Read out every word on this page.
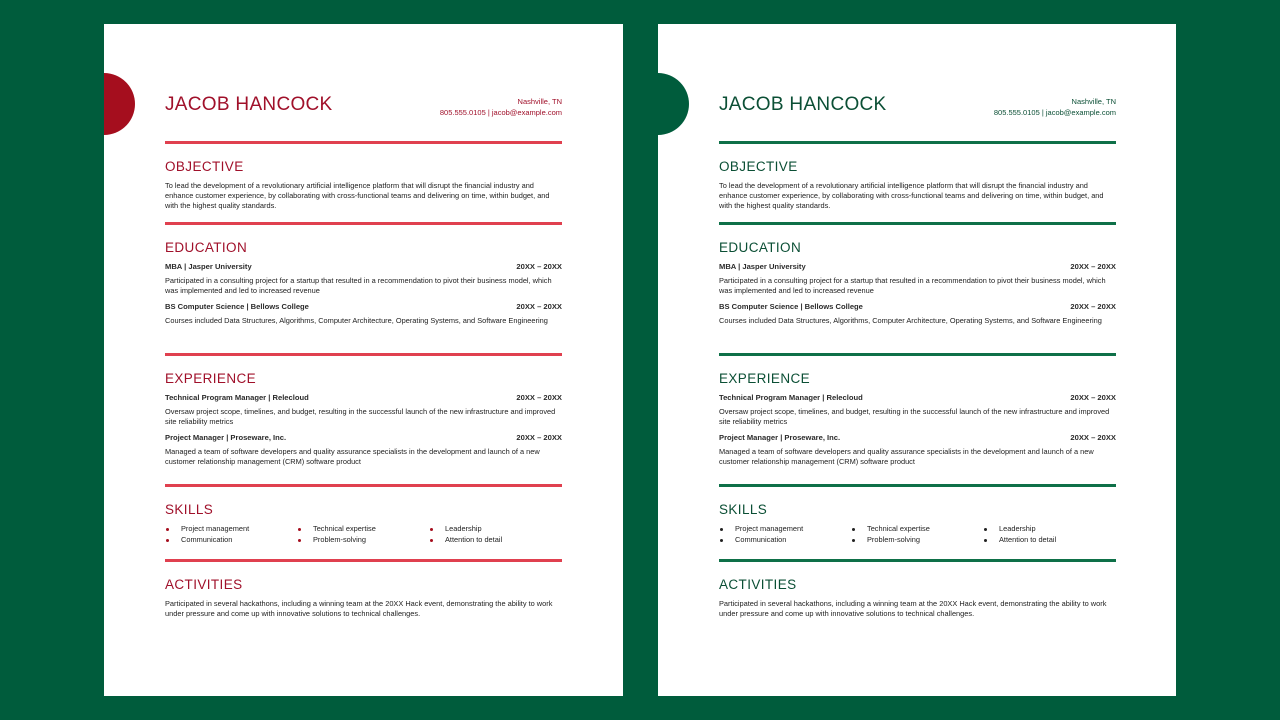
JACOB HANCOCK	Nashville, TN
805.555.0105 | jacob@example.com
OBJECTIVE

To lead the development of a revolutionary artificial intelligence platform that will disrupt the financial industry and enhance customer experience, by collaborating with cross-functional teams and delivering on time, within budget, and with the highest quality standards.

EDUCATION
MBA | Jasper University	20XX – 20XX

Participated in a consulting project for a startup that resulted in a recommendation to pivot their business model, which was implemented and led to increased revenue

BS Computer Science | Bellows College	20XX – 20XX

Courses included Data Structures, Algorithms, Computer Architecture, Operating Systems, and Software Engineering

EXPERIENCE
Technical Program Manager | Relecloud	20XX – 20XX

Oversaw project scope, timelines, and budget, resulting in the successful launch of the new infrastructure and improved site reliability metrics

Project Manager | Proseware, Inc.	20XX – 20XX

Managed a team of software developers and quality assurance specialists in the development and launch of a new customer relationship management (CRM) software product

SKILLS
Project management	Technical expertise	Leadership
Communication	Problem-solving	Attention to detail
ACTIVITIES

Participated in several hackathons, including a winning team at the 20XX Hack event, demonstrating the ability to work under pressure and come up with innovative solutions to technical challenges.

JACOB HANCOCK	Nashville, TN
805.555.0105 | jacob@example.com
OBJECTIVE

To lead the development of a revolutionary artificial intelligence platform that will disrupt the financial industry and enhance customer experience, by collaborating with cross-functional teams and delivering on time, within budget, and with the highest quality standards.

EDUCATION
MBA | Jasper University	20XX – 20XX

Participated in a consulting project for a startup that resulted in a recommendation to pivot their business model, which was implemented and led to increased revenue

BS Computer Science | Bellows College	20XX – 20XX

Courses included Data Structures, Algorithms, Computer Architecture, Operating Systems, and Software Engineering

EXPERIENCE
Technical Program Manager | Relecloud	20XX – 20XX

Oversaw project scope, timelines, and budget, resulting in the successful launch of the new infrastructure and improved site reliability metrics

Project Manager | Proseware, Inc.	20XX – 20XX

Managed a team of software developers and quality assurance specialists in the development and launch of a new customer relationship management (CRM) software product

SKILLS
Project management	Technical expertise	Leadership
Communication	Problem-solving	Attention to detail
ACTIVITIES

Participated in several hackathons, including a winning team at the 20XX Hack event, demonstrating the ability to work under pressure and come up with innovative solutions to technical challenges.
